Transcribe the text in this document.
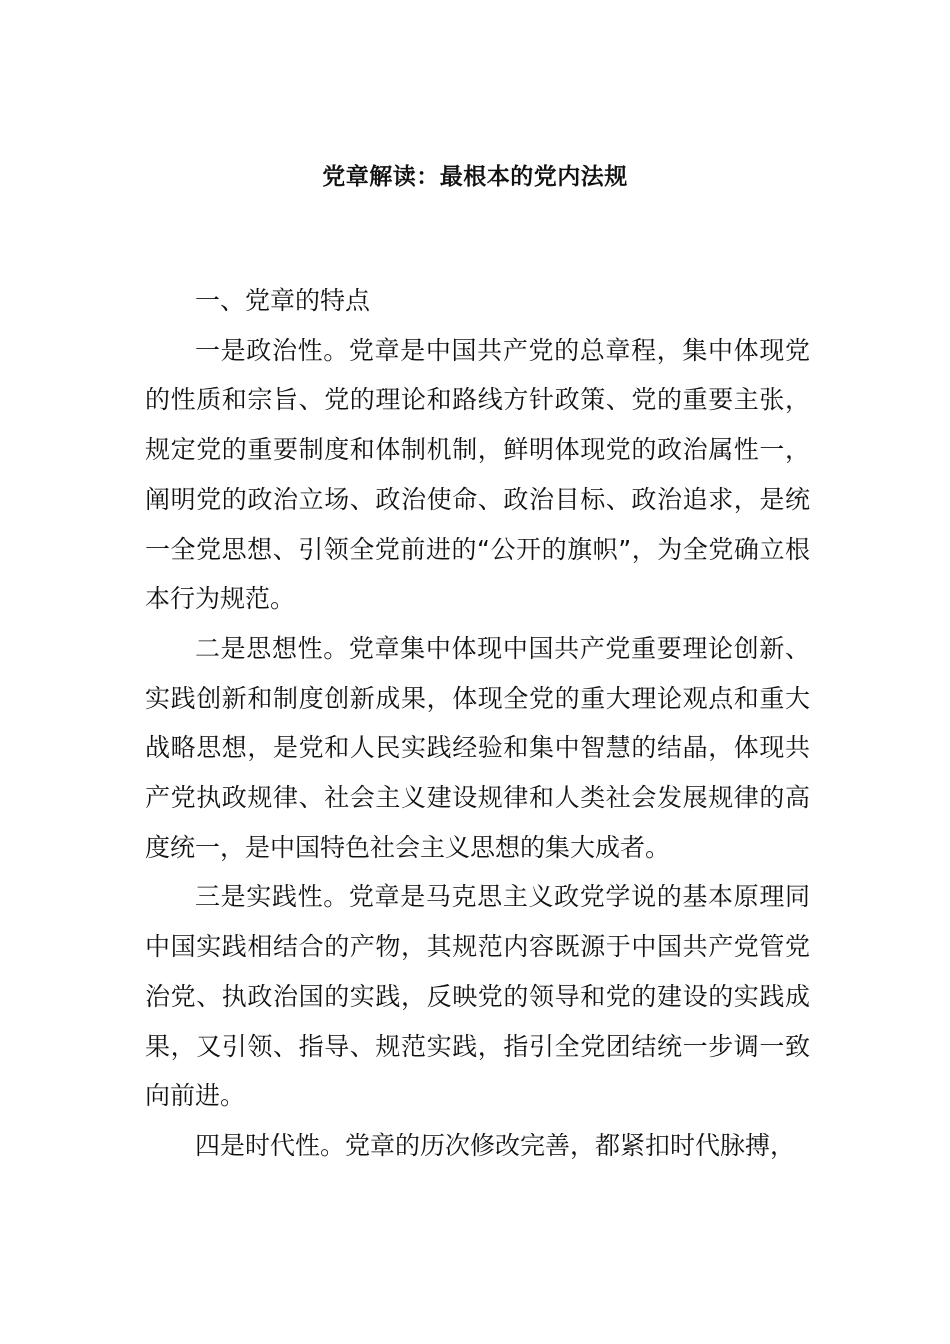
党章解读：最根本的党内法规

一、党章的特点

一是政治性。党章是中国共产党的总章程，集中体现党的性质和宗旨、党的理论和路线方针政策、党的重要主张，规定党的重要制度和体制机制，鲜明体现党的政治属性一，阐明党的政治立场、政治使命、政治目标、政治追求，是统一全党思想、引领全党前进的“公开的旗帜”，为全党确立根本行为规范。

二是思想性。党章集中体现中国共产党重要理论创新、实践创新和制度创新成果，体现全党的重大理论观点和重大战略思想，是党和人民实践经验和集中智慧的结晶，体现共产党执政规律、社会主义建设规律和人类社会发展规律的高度统一，是中国特色社会主义思想的集大成者。

三是实践性。党章是马克思主义政党学说的基本原理同中国实践相结合的产物，其规范内容既源于中国共产党管党治党、执政治国的实践，反映党的领导和党的建设的实践成果，又引领、指导、规范实践，指引全党团结统一步调一致向前进。

四是时代性。党章的历次修改完善，都紧扣时代脉搏，
